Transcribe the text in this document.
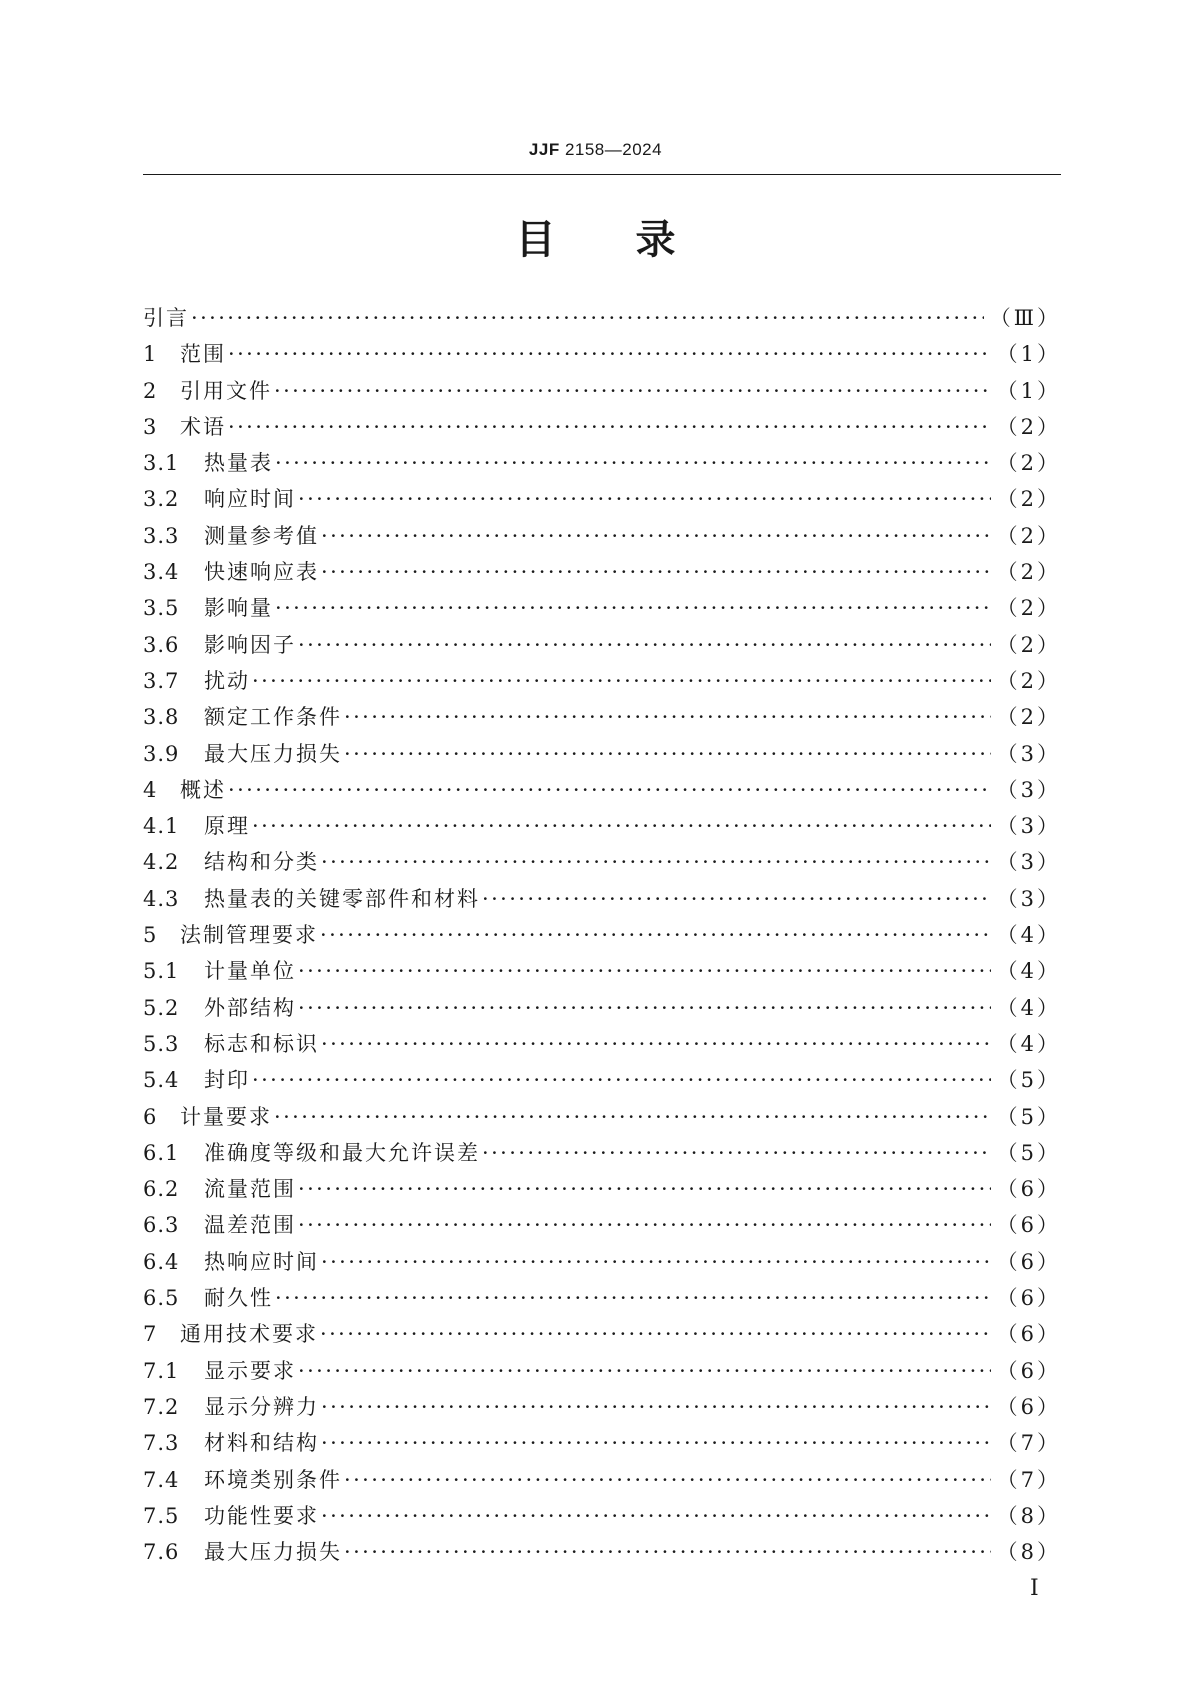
JJF 2158—2024
目 录
引言 ·····	（Ⅲ）
1	范围 ·····	（1）
2	引用文件 ·····	（1）
3	术语 ·····	（2）
3.1	热量表 ·····	（2）
3.2	响应时间 ·····	（2）
3.3	测量参考值 ·····	（2）
3.4	快速响应表 ·····	（2）
3.5	影响量 ·····	（2）
3.6	影响因子 ·····	（2）
3.7	扰动 ·····	（2）
3.8	额定工作条件 ·····	（2）
3.9	最大压力损失 ·····	（3）
4	概述 ·····	（3）
4.1	原理 ·····	（3）
4.2	结构和分类 ·····	（3）
4.3	热量表的关键零部件和材料 ·····	（3）
5	法制管理要求 ·····	（4）
5.1	计量单位 ·····	（4）
5.2	外部结构 ·····	（4）
5.3	标志和标识 ·····	（4）
5.4	封印 ·····	（5）
6	计量要求 ·····	（5）
6.1	准确度等级和最大允许误差 ·····	（5）
6.2	流量范围 ·····	（6）
6.3	温差范围 ·····	（6）
6.4	热响应时间 ·····	（6）
6.5	耐久性 ·····	（6）
7	通用技术要求 ·····	（6）
7.1	显示要求 ·····	（6）
7.2	显示分辨力 ·····	（6）
7.3	材料和结构 ·····	（7）
7.4	环境类别条件 ·····	（7）
7.5	功能性要求 ·····	（8）
7.6	最大压力损失 ·····	（8）
Ⅰ
